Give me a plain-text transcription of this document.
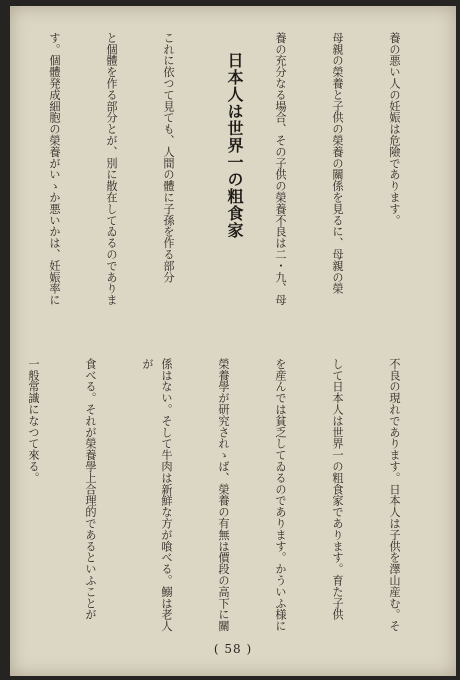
養の悪い人の妊娠は危險であります。

母親の榮養と子供の榮養の關係を見るに、母親の榮

養の充分なる場合、その子供の榮養不良は二・九、母

日本人は世界一の粗食家

これに依つて見ても、人間の體に子孫を作る部分

と個體を作る部分とが、別に散在してゐるのでありま

す。個體発成細胞の榮養がいゝか悪いかは、妊娠率に

不良の現れであります。日本人は子供を澤山産む。そ

して日本人は世界一の粗食家であります。育た子供

を産んでは貧乏してゐるのであります。かういふ様に

榮養學が研究されゝば、榮養の有無は價段の高下に關

係はない。そして牛肉は新鮮な方が喰べる。鰯は老人が

食べる。それが榮養學上合理的であるといふことが

一般常識になつて來る。

( 58 )
